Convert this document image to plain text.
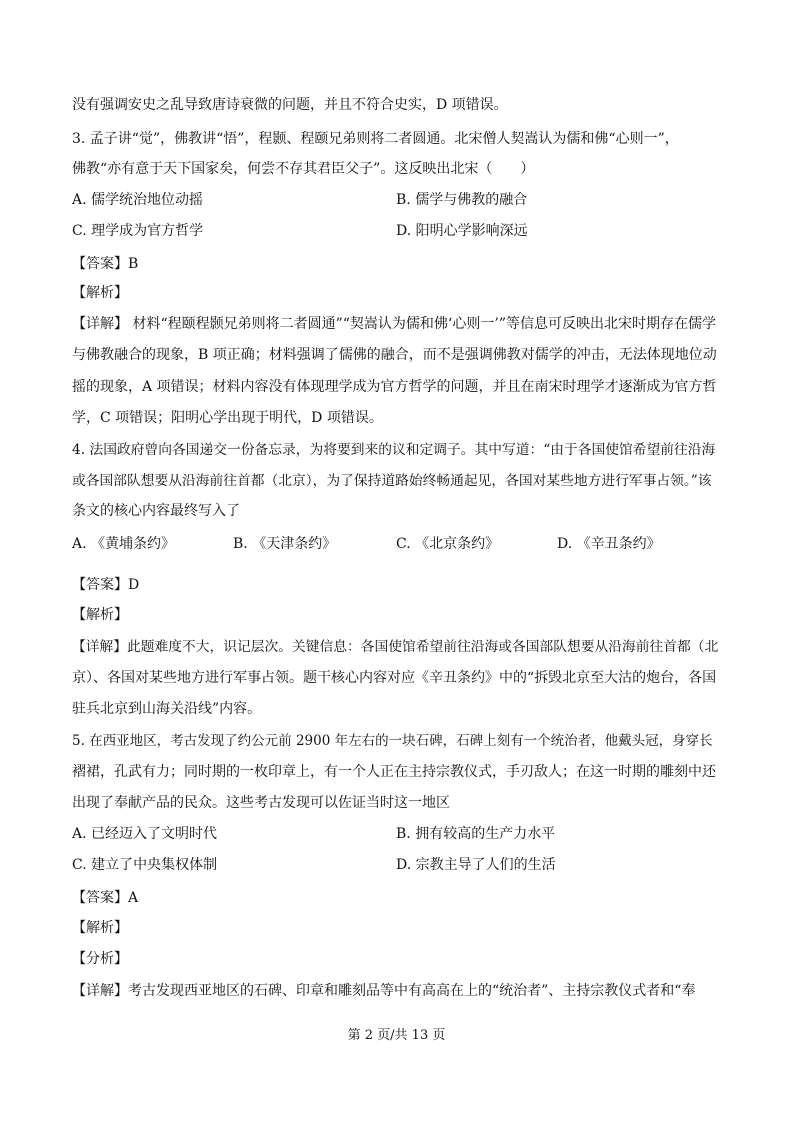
没有强调安史之乱导致唐诗衰微的问题，并且不符合史实，D 项错误。
3. 孟子讲“觉”，佛教讲“悟”，程颢、程颐兄弟则将二者圆通。北宋僧人契嵩认为儒和佛“心则一”，
佛教“亦有意于天下国家矣，何尝不存其君臣父子”。这反映出北宋（　　）
A. 儒学统治地位动摇	B. 儒学与佛教的融合
C. 理学成为官方哲学	D. 阳明心学影响深远
【答案】B
【解析】
【详解】 材料“程颐程颢兄弟则将二者圆通”“契嵩认为儒和佛‘心则一’”等信息可反映出北宋时期存在儒学
与佛教融合的现象，B 项正确；材料强调了儒佛的融合，而不是强调佛教对儒学的冲击，无法体现地位动
摇的现象，A 项错误；材料内容没有体现理学成为官方哲学的问题，并且在南宋时理学才逐渐成为官方哲
学，C 项错误；阳明心学出现于明代，D 项错误。
4. 法国政府曾向各国递交一份备忘录，为将要到来的议和定调子。其中写道：“由于各国使馆希望前往沿海
或各国部队想要从沿海前往首都（北京），为了保持道路始终畅通起见，各国对某些地方进行军事占领。”该
条文的核心内容最终写入了
A. 《黄埔条约》	B. 《天津条约》	C. 《北京条约》	D. 《辛丑条约》
【答案】D
【解析】
【详解】此题难度不大，识记层次。关键信息：各国使馆希望前往沿海或各国部队想要从沿海前往首都（北
京）、各国对某些地方进行军事占领。题干核心内容对应《辛丑条约》中的“拆毁北京至大沽的炮台，各国
驻兵北京到山海关沿线”内容。
5. 在西亚地区，考古发现了约公元前 2900 年左右的一块石碑，石碑上刻有一个统治者，他戴头冠，身穿长
褶裙，孔武有力；同时期的一枚印章上，有一个人正在主持宗教仪式，手刃敌人；在这一时期的雕刻中还
出现了奉献产品的民众。这些考古发现可以佐证当时这一地区
A. 已经迈入了文明时代	B. 拥有较高的生产力水平
C. 建立了中央集权体制	D. 宗教主导了人们的生活
【答案】A
【解析】
【分析】
【详解】考古发现西亚地区的石碑、印章和雕刻品等中有高高在上的“统治者”、主持宗教仪式者和“奉
第 2 页/共 13 页
